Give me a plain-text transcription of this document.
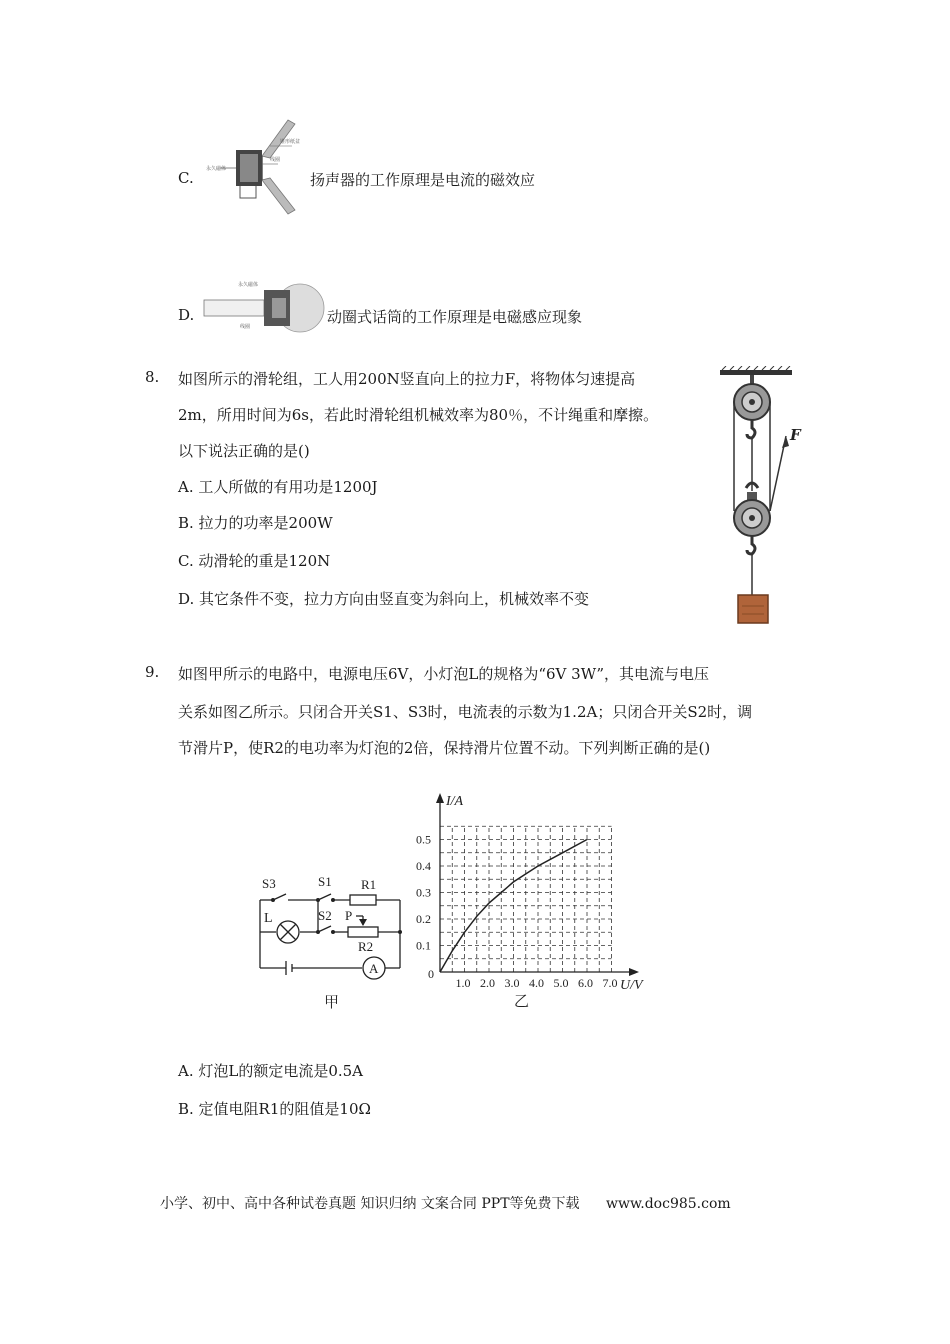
永久磁体
锥形纸盆
线圈
C.	扬声器的工作原理是电流的磁效应
永久磁体
线圈
D.	动圈式话筒的工作原理是电磁感应现象
8. 如图所示的滑轮组，工人用200N竖直向上的拉力F，将物体匀速提高
2m，所用时间为6s，若此时滑轮组机械效率为80％，不计绳重和摩擦。
以下说法正确的是()
A. 工人所做的有用功是1200J
B. 拉力的功率是200W
C. 动滑轮的重是120N
D. 其它条件不变，拉力方向由竖直变为斜向上，机械效率不变
F
9. 如图甲所示的电路中，电源电压6V，小灯泡L的规格为“6V 3W”，其电流与电压
关系如图乙所示。只闭合开关S1、S3时，电流表的示数为1.2A；只闭合开关S2时，调
节滑片P，使R2的电功率为灯泡的2倍，保持滑片位置不动。下列判断正确的是()
S3	S1 R1
L	S2 P
R2
A
甲
I/A
U/V
0
1.0 2.0 3.0 4.0 5.0 6.0 7.0
0.1
0.2
0.3
0.4
0.5
乙
A. 灯泡L的额定电流是0.5A
B. 定值电阻R1的阻值是10Ω
小学、初中、高中各种试卷真题 知识归纳 文案合同 PPT等免费下载 www.doc985.com
